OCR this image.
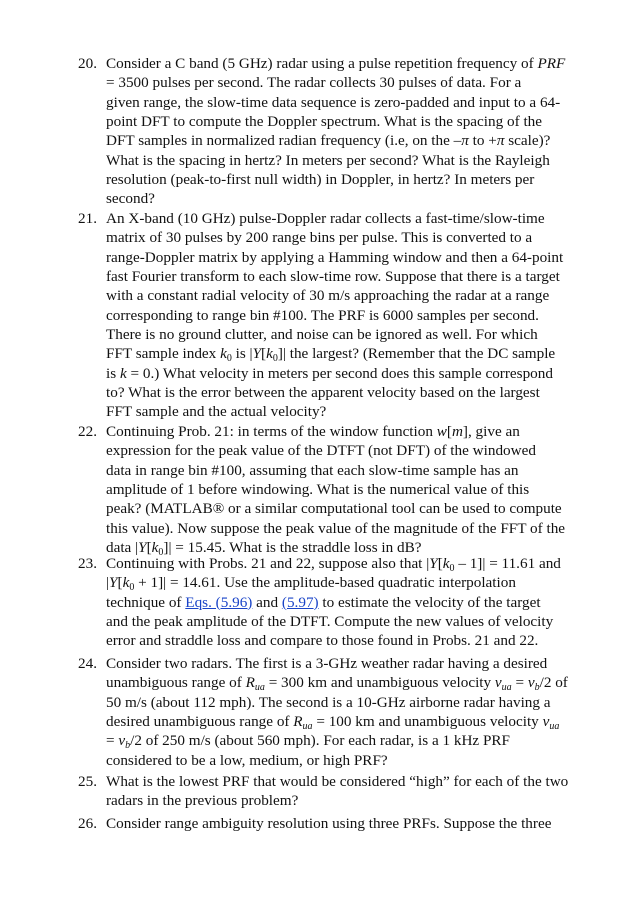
20. Consider a C band (5 GHz) radar using a pulse repetition frequency of PRF
= 3500 pulses per second. The radar collects 30 pulses of data. For a
given range, the slow-time data sequence is zero-padded and input to a 64-
point DFT to compute the Doppler spectrum. What is the spacing of the
DFT samples in normalized radian frequency (i.e, on the –π to +π scale)?
What is the spacing in hertz? In meters per second? What is the Rayleigh
resolution (peak-to-first null width) in Doppler, in hertz? In meters per
second?
21. An X-band (10 GHz) pulse-Doppler radar collects a fast-time/slow-time
matrix of 30 pulses by 200 range bins per pulse. This is converted to a
range-Doppler matrix by applying a Hamming window and then a 64-point
fast Fourier transform to each slow-time row. Suppose that there is a target
with a constant radial velocity of 30 m/s approaching the radar at a range
corresponding to range bin #100. The PRF is 6000 samples per second.
There is no ground clutter, and noise can be ignored as well. For which
FFT sample index $k_0$ is $|Y[k_0]|$ the largest? (Remember that the DC sample
is k = 0.) What velocity in meters per second does this sample correspond
to? What is the error between the apparent velocity based on the largest
FFT sample and the actual velocity?
22. Continuing Prob. 21: in terms of the window function w[m], give an
expression for the peak value of the DTFT (not DFT) of the windowed
data in range bin #100, assuming that each slow-time sample has an
amplitude of 1 before windowing. What is the numerical value of this
peak? (MATLAB® or a similar computational tool can be used to compute
this value). Now suppose the peak value of the magnitude of the FFT of the
data $|Y[k_0]| = 15.45$. What is the straddle loss in dB?
23. Continuing with Probs. 21 and 22, suppose also that $|Y[k_0 - 1]| = 11.61$ and
$|Y[k_0 + 1]| = 14.61$. Use the amplitude-based quadratic interpolation
technique of Eqs. (5.96) and (5.97) to estimate the velocity of the target
and the peak amplitude of the DTFT. Compute the new values of velocity
error and straddle loss and compare to those found in Probs. 21 and 22.
24. Consider two radars. The first is a 3-GHz weather radar having a desired
unambiguous range of $R_{ua} = 300$ km and unambiguous velocity $v_{ua} = v_b/2$ of
50 m/s (about 112 mph). The second is a 10-GHz airborne radar having a
desired unambiguous range of $R_{ua} = 100$ km and unambiguous velocity $v_{ua}$
= $v_b/2$ of 250 m/s (about 560 mph). For each radar, is a 1 kHz PRF
considered to be a low, medium, or high PRF?
25. What is the lowest PRF that would be considered “high” for each of the two
radars in the previous problem?
26. Consider range ambiguity resolution using three PRFs. Suppose the three
